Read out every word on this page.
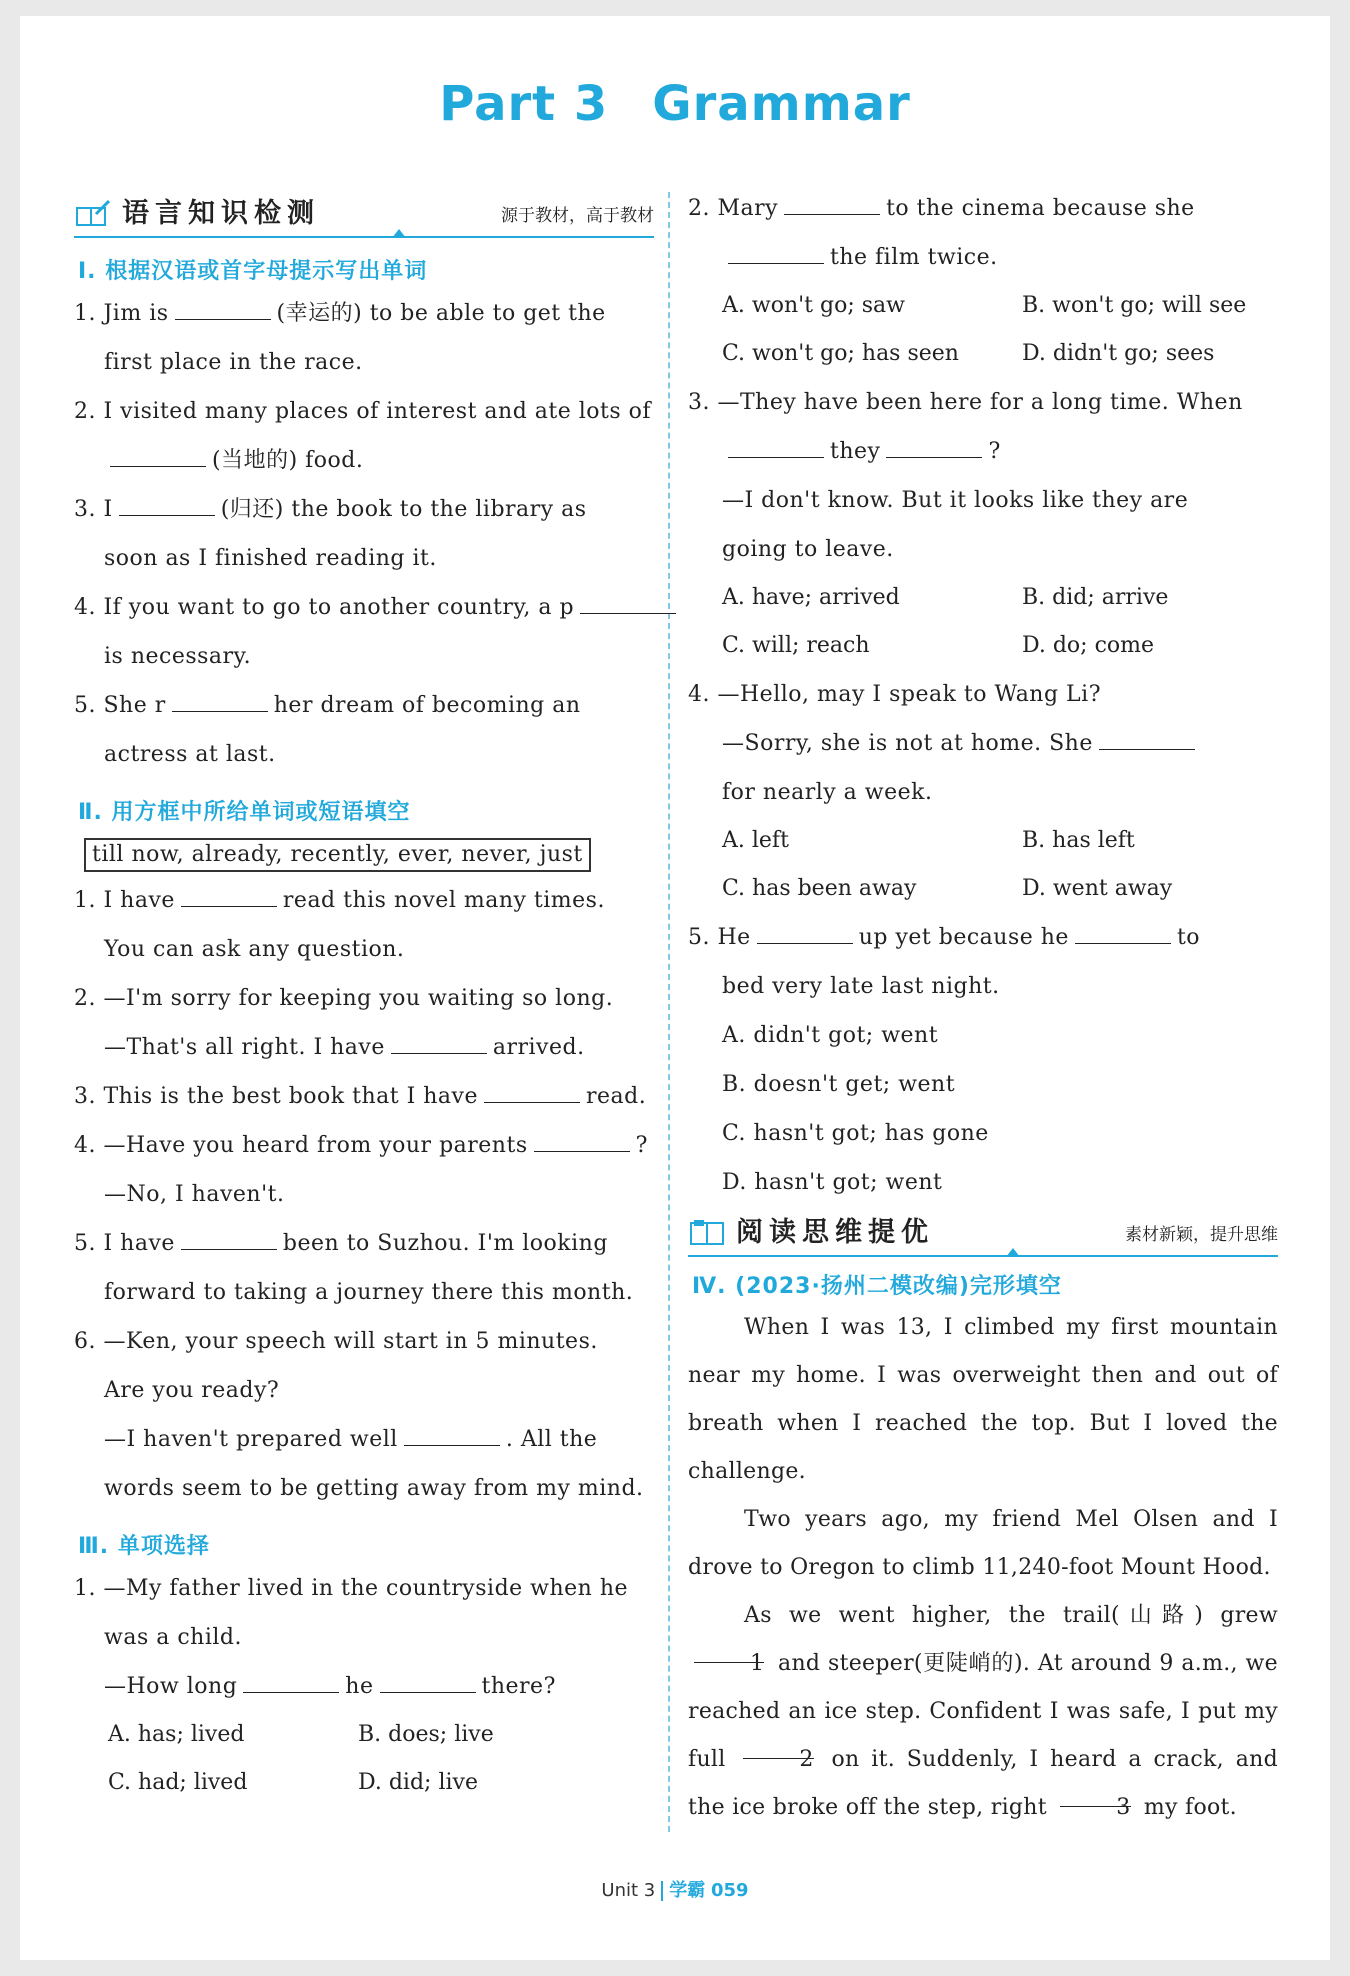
Part 3 Grammar
语言知识检测	源于教材，高于教材
Ⅰ. 根据汉语或首字母提示写出单词
1. Jim is	(幸运的) to be able to get the
first place in the race.
2. I visited many places of interest and ate lots of
(当地的) food.
3. I	(归还) the book to the library as
soon as I finished reading it.
4. If you want to go to another country, a p
is necessary.
5. She r	her dream of becoming an
actress at last.
Ⅱ. 用方框中所给单词或短语填空
till now, already, recently, ever, never, just
1. I have	read this novel many times.
You can ask any question.
2. —I'm sorry for keeping you waiting so long.
—That's all right. I have	arrived.
3. This is the best book that I have	read.
4. —Have you heard from your parents	?
—No, I haven't.
5. I have	been to Suzhou. I'm looking
forward to taking a journey there this month.
6. —Ken, your speech will start in 5 minutes.
Are you ready?
—I haven't prepared well	. All the
words seem to be getting away from my mind.
Ⅲ. 单项选择
1. —My father lived in the countryside when he
was a child.
—How long	he	there?
A. has; lived	B. does; live
C. had; lived	D. did; live
2. Mary	to the cinema because she
the film twice.
A. won't go; saw	B. won't go; will see
C. won't go; has seen	D. didn't go; sees
3. —They have been here for a long time. When
they	?
—I don't know. But it looks like they are
going to leave.
A. have; arrived	B. did; arrive
C. will; reach	D. do; come
4. —Hello, may I speak to Wang Li?
—Sorry, she is not at home. She
for nearly a week.
A. left	B. has left
C. has been away	D. went away
5. He	up yet because he	to
bed very late last night.
A. didn't got; went
B. doesn't get; went
C. hasn't got; has gone
D. hasn't got; went
阅读思维提优	素材新颖，提升思维
Ⅳ. (2023·扬州二模改编)完形填空
When I was 13, I climbed my first mountain near my home. I was overweight then and out of breath when I reached the top. But I loved the challenge.
Two years ago, my friend Mel Olsen and I drove to Oregon to climb 11,240-foot Mount Hood.
As we went higher, the trail(山路) grew 1 and steeper(更陡峭的). At around 9 a.m., we reached an ice step. Confident I was safe, I put my full	2 on it. Suddenly, I heard a crack, and the ice broke off the step, right	3 my foot.
Unit 3 学霸 059
